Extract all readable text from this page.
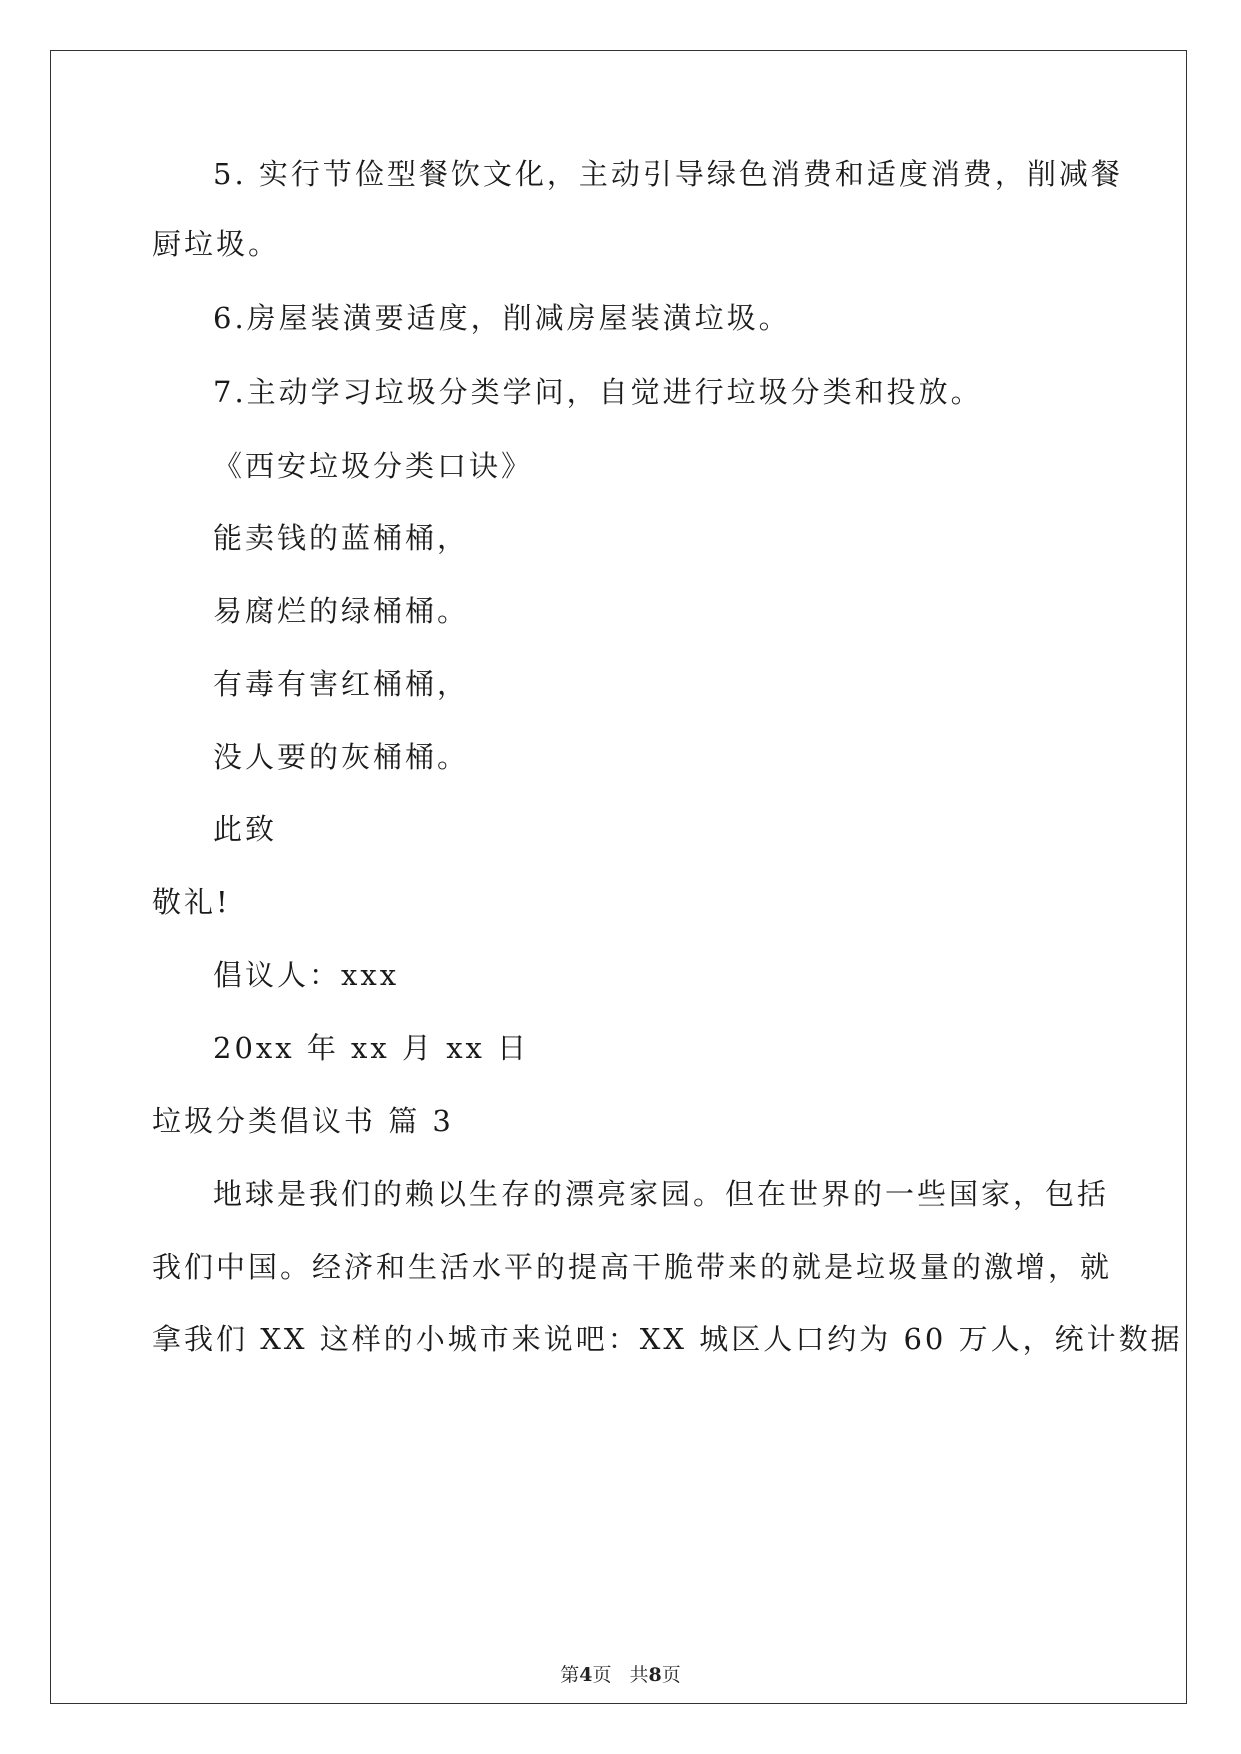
5. 实行节俭型餐饮文化，主动引导绿色消费和适度消费，削减餐
厨垃圾。
6.房屋装潢要适度，削减房屋装潢垃圾。
7.主动学习垃圾分类学问，自觉进行垃圾分类和投放。
《西安垃圾分类口诀》
能卖钱的蓝桶桶，
易腐烂的绿桶桶。
有毒有害红桶桶，
没人要的灰桶桶。
此致
敬礼!
倡议人：xxx
20xx 年 xx 月 xx 日
垃圾分类倡议书 篇 3
地球是我们的赖以生存的漂亮家园。但在世界的一些国家，包括
我们中国。经济和生活水平的提高干脆带来的就是垃圾量的激增，就
拿我们 XX 这样的小城市来说吧：XX 城区人口约为 60 万人，统计数据
第4页 共8页
